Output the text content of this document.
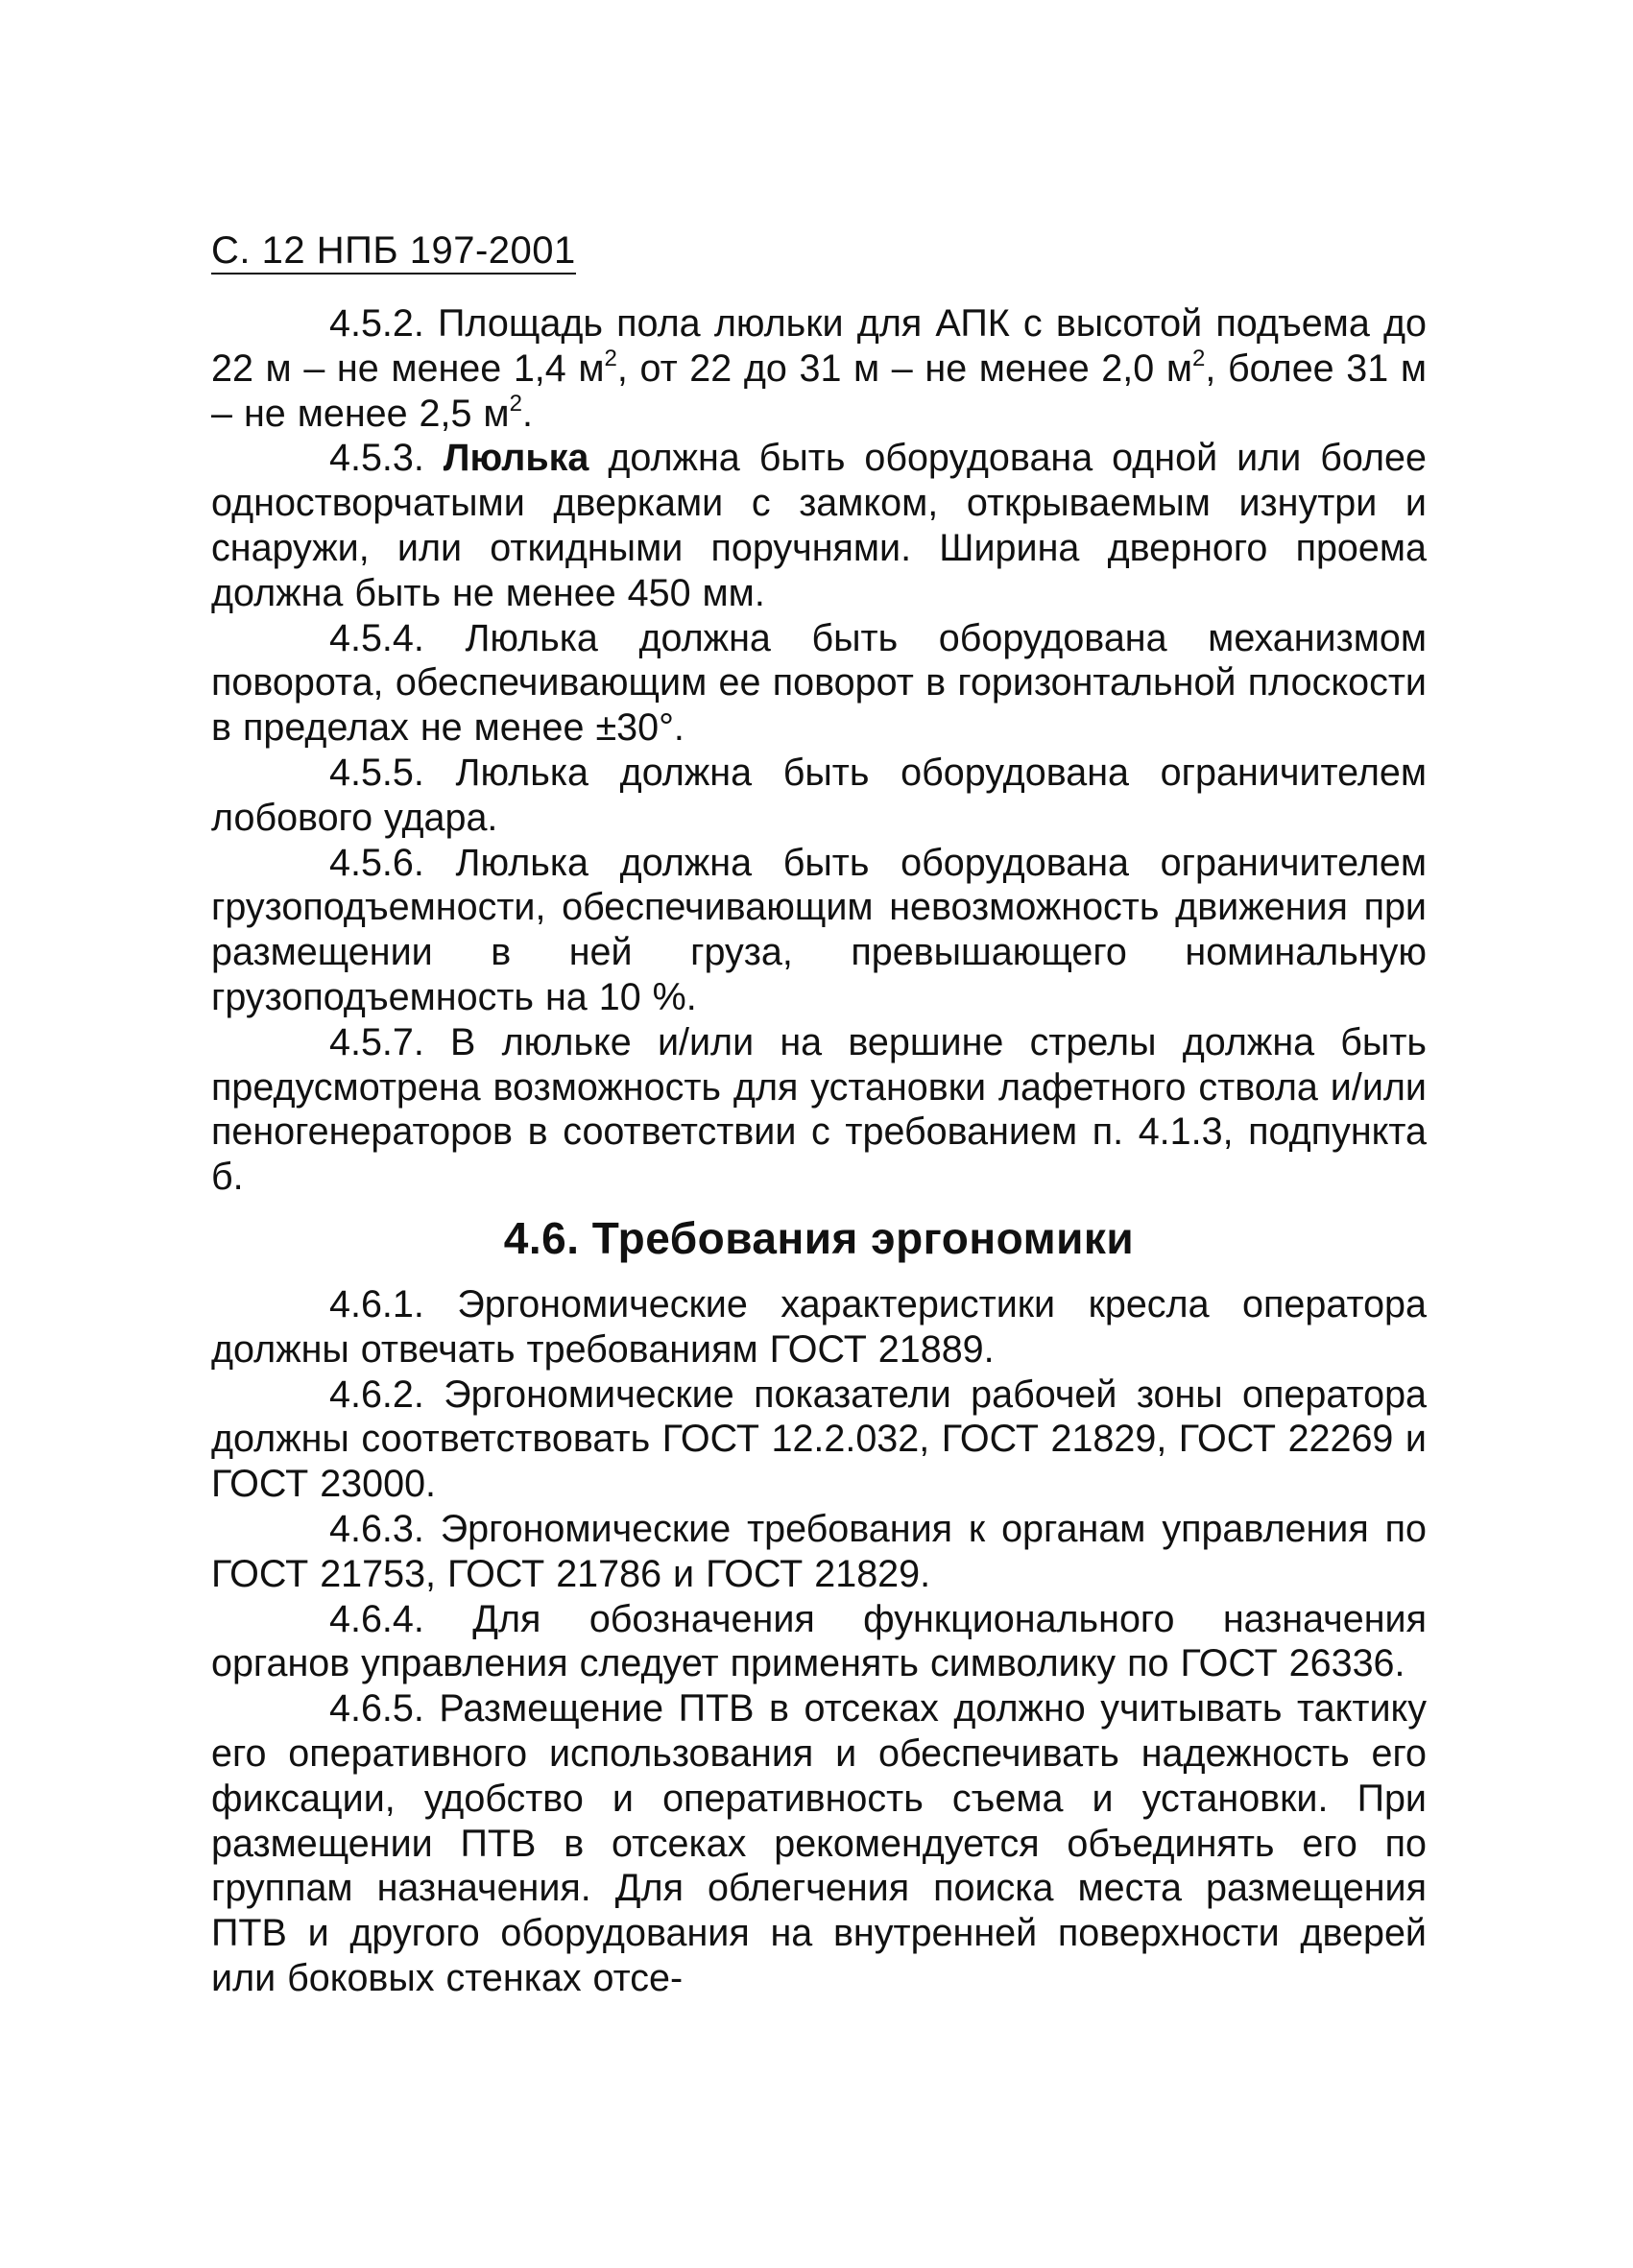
С. 12 НПБ 197-2001

4.5.2. Площадь пола люльки для АПК с высотой подъема до 22 м – не менее 1,4 $м^2$, от 22 до 31 м – не менее 2,0 $м^2$, более 31 м – не менее 2,5 $м^2$.

4.5.3. Люлька должна быть оборудована одной или более одностворчатыми дверками с замком, открываемым изнутри и снаружи, или откидными поручнями. Ширина дверного проема должна быть не менее 450 мм.

4.5.4. Люлька должна быть оборудована механизмом поворота, обеспечивающим ее поворот в горизонтальной плоскости в пределах не менее ±30°.

4.5.5. Люлька должна быть оборудована ограничителем лобового удара.

4.5.6. Люлька должна быть оборудована ограничителем грузоподъемности, обеспечивающим невозможность движения при размещении в ней груза, превышающего номинальную грузоподъемность на 10 %.

4.5.7. В люльке и/или на вершине стрелы должна быть предусмотрена возможность для установки лафетного ствола и/или пеногенераторов в соответствии с требованием п. 4.1.3, подпункта б.

4.6. Требования эргономики

4.6.1. Эргономические характеристики кресла оператора должны отвечать требованиям ГОСТ 21889.

4.6.2. Эргономические показатели рабочей зоны оператора должны соответствовать ГОСТ 12.2.032, ГОСТ 21829, ГОСТ 22269 и ГОСТ 23000.

4.6.3. Эргономические требования к органам управления по ГОСТ 21753, ГОСТ 21786 и ГОСТ 21829.

4.6.4. Для обозначения функционального назначения органов управления следует применять символику по ГОСТ 26336.

4.6.5. Размещение ПТВ в отсеках должно учитывать тактику его оперативного использования и обеспечивать надежность его фиксации, удобство и оперативность съема и установки. При размещении ПТВ в отсеках рекомендуется объединять его по группам назначения. Для облегчения поиска места размещения ПТВ и другого оборудования на внутренней поверхности дверей или боковых стенках отсе-
